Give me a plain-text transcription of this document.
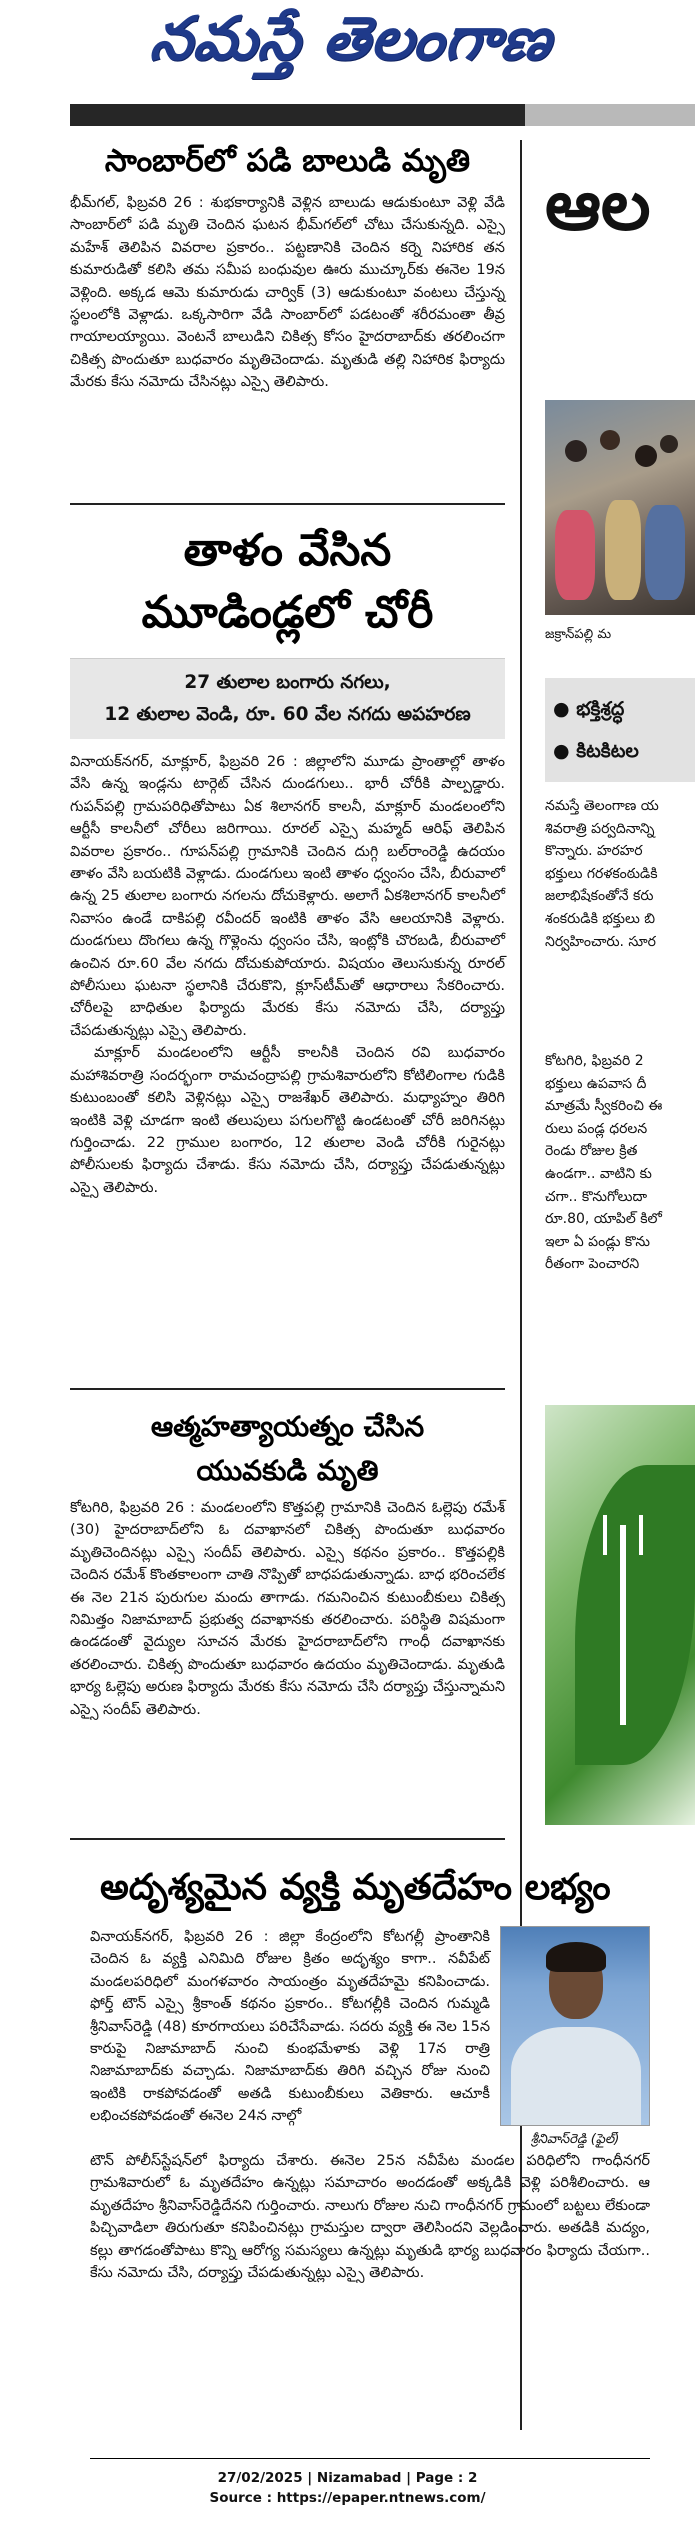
నమస్తే తెలంగాణ
సాంబార్‌లో పడి బాలుడి మృతి
భీమ్‌గల్‌, ఫిబ్రవరి 26 : శుభకార్యానికి వెళ్లిన బాలుడు ఆడుకుంటూ వెళ్లి వేడి సాంబార్‌లో పడి మృతి చెందిన ఘటన భీమ్‌గల్‌లో చోటు చేసుకున్నది. ఎస్సై మహేశ్‌ తెలిపిన వివరాల ప్రకారం.. పట్టణానికి చెందిన కర్నె నిహారిక తన కుమారుడితో కలిసి తమ సమీప బంధువుల ఊరు ముచ్కూర్‌కు ఈనెల 19న వెళ్లింది. అక్కడ ఆమె కుమారుడు చార్విక్‌ (3) ఆడుకుంటూ వంటలు చేస్తున్న స్థలంలోకి వెళ్లాడు. ఒక్కసారిగా వేడి సాంబార్‌లో పడటంతో శరీరమంతా తీవ్ర గాయాలయ్యాయి. వెంటనే బాలుడిని చికిత్స కోసం హైదరాబాద్‌కు తరలించగా చికిత్స పొందుతూ బుధవారం మృతిచెందాడు. మృతుడి తల్లి నిహారిక ఫిర్యాదు మేరకు కేసు నమోదు చేసినట్లు ఎస్సై తెలిపారు.
తాళం వేసిన
మూడిండ్లలో చోరీ
27 తులాల బంగారు నగలు,
12 తులాల వెండి, రూ. 60 వేల నగదు అపహరణ

వినాయక్‌నగర్‌, మాక్లూర్‌, ఫిబ్రవరి 26 : జిల్లాలోని మూడు ప్రాంతాల్లో తాళం వేసి ఉన్న ఇండ్లను టార్గెట్‌ చేసిన దుండగులు.. భారీ చోరీకి పాల్పడ్డారు. గుపన్‌పల్లి గ్రామపరిధితోపాటు ఏక శిలానగర్‌ కాలనీ, మాక్లూర్‌ మండలంలోని ఆర్టీసీ కాలనీలో చోరీలు జరిగాయి. రూరల్‌ ఎస్సై మహ్మద్‌ ఆరిఫ్‌ తెలిపిన వివరాల ప్రకారం.. గూపన్‌పల్లి గ్రామానికి చెందిన దుగ్గి బల్‌రాంరెడ్డి ఉదయం తాళం వేసి బయటికి వెళ్లాడు. దుండగులు ఇంటి తాళం ధ్వంసం చేసి, బీరువాలో ఉన్న 25 తులాల బంగారు నగలను దోచుకెళ్లారు. అలాగే ఏకశిలానగర్‌ కాలనీలో నివాసం ఉండే దాకిపల్లి రవీందర్‌ ఇంటికి తాళం వేసి ఆలయానికి వెళ్లారు. దుండగులు దొంగలు ఉన్న గొళ్లెంను ధ్వంసం చేసి, ఇంట్లోకి చొరబడి, బీరువాలో ఉంచిన రూ.60 వేల నగదు దోచుకుపోయారు. విషయం తెలుసుకున్న రూరల్‌ పోలీసులు ఘటనా స్థలానికి చేరుకొని, క్లూస్‌టీమ్‌తో ఆధారాలు సేకరించారు. చోరీలపై బాధితుల ఫిర్యాదు మేరకు కేసు నమోదు చేసి, దర్యాప్తు చేపడుతున్నట్లు ఎస్సై తెలిపారు.

మాక్లూర్‌ మండలంలోని ఆర్టీసీ కాలనీకి చెందిన రవి బుధవారం మహాశివరాత్రి సందర్భంగా రామచంద్రాపల్లి గ్రామశివారులోని కోటిలింగాల గుడికి కుటుంబంతో కలిసి వెళ్లినట్లు ఎస్సై రాజశేఖర్‌ తెలిపారు. మధ్యాహ్నం తిరిగి ఇంటికి వెళ్లి చూడగా ఇంటి తలుపులు పగులగొట్టి ఉండటంతో చోరీ జరిగినట్లు గుర్తించాడు. 22 గ్రాముల బంగారం, 12 తులాల వెండి చోరీకి గురైనట్లు పోలీసులకు ఫిర్యాదు చేశాడు. కేసు నమోదు చేసి, దర్యాప్తు చేపడుతున్నట్లు ఎస్సై తెలిపారు.

ఆత్మహత్యాయత్నం చేసిన
యువకుడి మృతి
కోటగిరి, ఫిబ్రవరి 26 : మండలంలోని కొత్తపల్లి గ్రామానికి చెందిన ఓల్లెపు రమేశ్‌ (30) హైదరాబాద్‌లోని ఓ దవాఖానలో చికిత్స పొందుతూ బుధవారం మృతిచెందినట్లు ఎస్సై సందీప్‌ తెలిపారు. ఎస్సై కథనం ప్రకారం.. కొత్తపల్లికి చెందిన రమేశ్‌ కొంతకాలంగా చాతి నొప్పితో బాధపడుతున్నాడు. బాధ భరించలేక ఈ నెల 21న పురుగుల మందు తాగాడు. గమనించిన కుటుంబీకులు చికిత్స నిమిత్తం నిజామాబాద్‌ ప్రభుత్వ దవాఖానకు తరలించారు. పరిస్థితి విషమంగా ఉండడంతో వైద్యుల సూచన మేరకు హైదరాబాద్‌లోని గాంధీ దవాఖానకు తరలించారు. చికిత్స పొందుతూ బుధవారం ఉదయం మృతిచెందాడు. మృతుడి భార్య ఓల్లెపు అరుణ ఫిర్యాదు మేరకు కేసు నమోదు చేసి దర్యాప్తు చేస్తున్నామని ఎస్సై సందీప్‌ తెలిపారు.
అదృశ్యమైన వ్యక్తి మృతదేహం లభ్యం
వినాయక్‌నగర్‌, ఫిబ్రవరి 26 : జిల్లా కేంద్రంలోని కోటగల్లీ ప్రాంతానికి చెందిన ఓ వ్యక్తి ఎనిమిది రోజుల క్రితం అదృశ్యం కాగా.. నవీపేట్‌ మండలపరిధిలో మంగళవారం సాయంత్రం మృతదేహమై కనిపించాడు. ఫోర్త్‌ టౌన్‌ ఎస్సై శ్రీకాంత్‌ కథనం ప్రకారం.. కోటగల్లీకి చెందిన గుమ్మడి శ్రీనివాస్‌రెడ్డి (48) కూరగాయలు పరిచేసేవాడు. సదరు వ్యక్తి ఈ నెల 15న కారుపై నిజామాబాద్‌ నుంచి కుంభమేళాకు వెళ్లి 17న రాత్రి నిజామాబాద్‌కు వచ్చాడు. నిజామాబాద్‌కు తిరిగి వచ్చిన రోజు నుంచి ఇంటికి రాకపోవడంతో అతడి కుటుంబీకులు వెతికారు. ఆచూకీ లభించకపోవడంతో ఈనెల 24న నాల్గో
శ్రీనివాస్‌రెడ్డి (ఫైల్‌)
టౌన్‌ పోలీస్‌స్టేషన్‌లో ఫిర్యాదు చేశారు. ఈనెల 25న నవీపేట మండల పరిధిలోని గాంధీనగర్‌ గ్రామశివారులో ఓ మృతదేహం ఉన్నట్లు సమాచారం అందడంతో అక్కడికి వెళ్లి పరిశీలించారు. ఆ మృతదేహం శ్రీనివాస్‌రెడ్డిదేనని గుర్తించారు. నాలుగు రోజుల నుచి గాంధీనగర్‌ గ్రామంలో బట్టలు లేకుండా పిచ్చివాడిలా తిరుగుతూ కనిపించినట్లు గ్రామస్తుల ద్వారా తెలిసిందని వెల్లడించారు. అతడికి మద్యం, కల్లు తాగడంతోపాటు కొన్ని ఆరోగ్య సమస్యలు ఉన్నట్లు మృతుడి భార్య బుధవారం ఫిర్యాదు చేయగా.. కేసు నమోదు చేసి, దర్యాప్తు చేపడుతున్నట్లు ఎస్సై తెలిపారు.
ఆల
జక్రాన్‌పల్లి మ
● భక్తిశ్రద్ధ
● కిటకిటల
నమస్తే తెలంగాణ య
శివరాత్రి పర్వదినాన్ని
కొన్నారు. హరహర
భక్తులు గరళకంఠుడికి
జలాభిషేకంతోనే కరు
శంకరుడికి భక్తులు బి
నిర్వహించారు. సూర
కోటగిరి, ఫిబ్రవరి 2
భక్తులు ఉపవాస దీ
మాత్రమే స్వీకరించి ఈ
రులు పండ్ల ధరలన
రెండు రోజుల క్రిత
ఉండగా.. వాటిని కు
చగా.. కొనుగోలుదా
రూ.80, యాపిల్‌ కిలో
ఇలా ఏ పండ్లు కొను
రీతంగా పెంచారని
27/02/2025 | Nizamabad | Page : 2
Source : https://epaper.ntnews.com/
